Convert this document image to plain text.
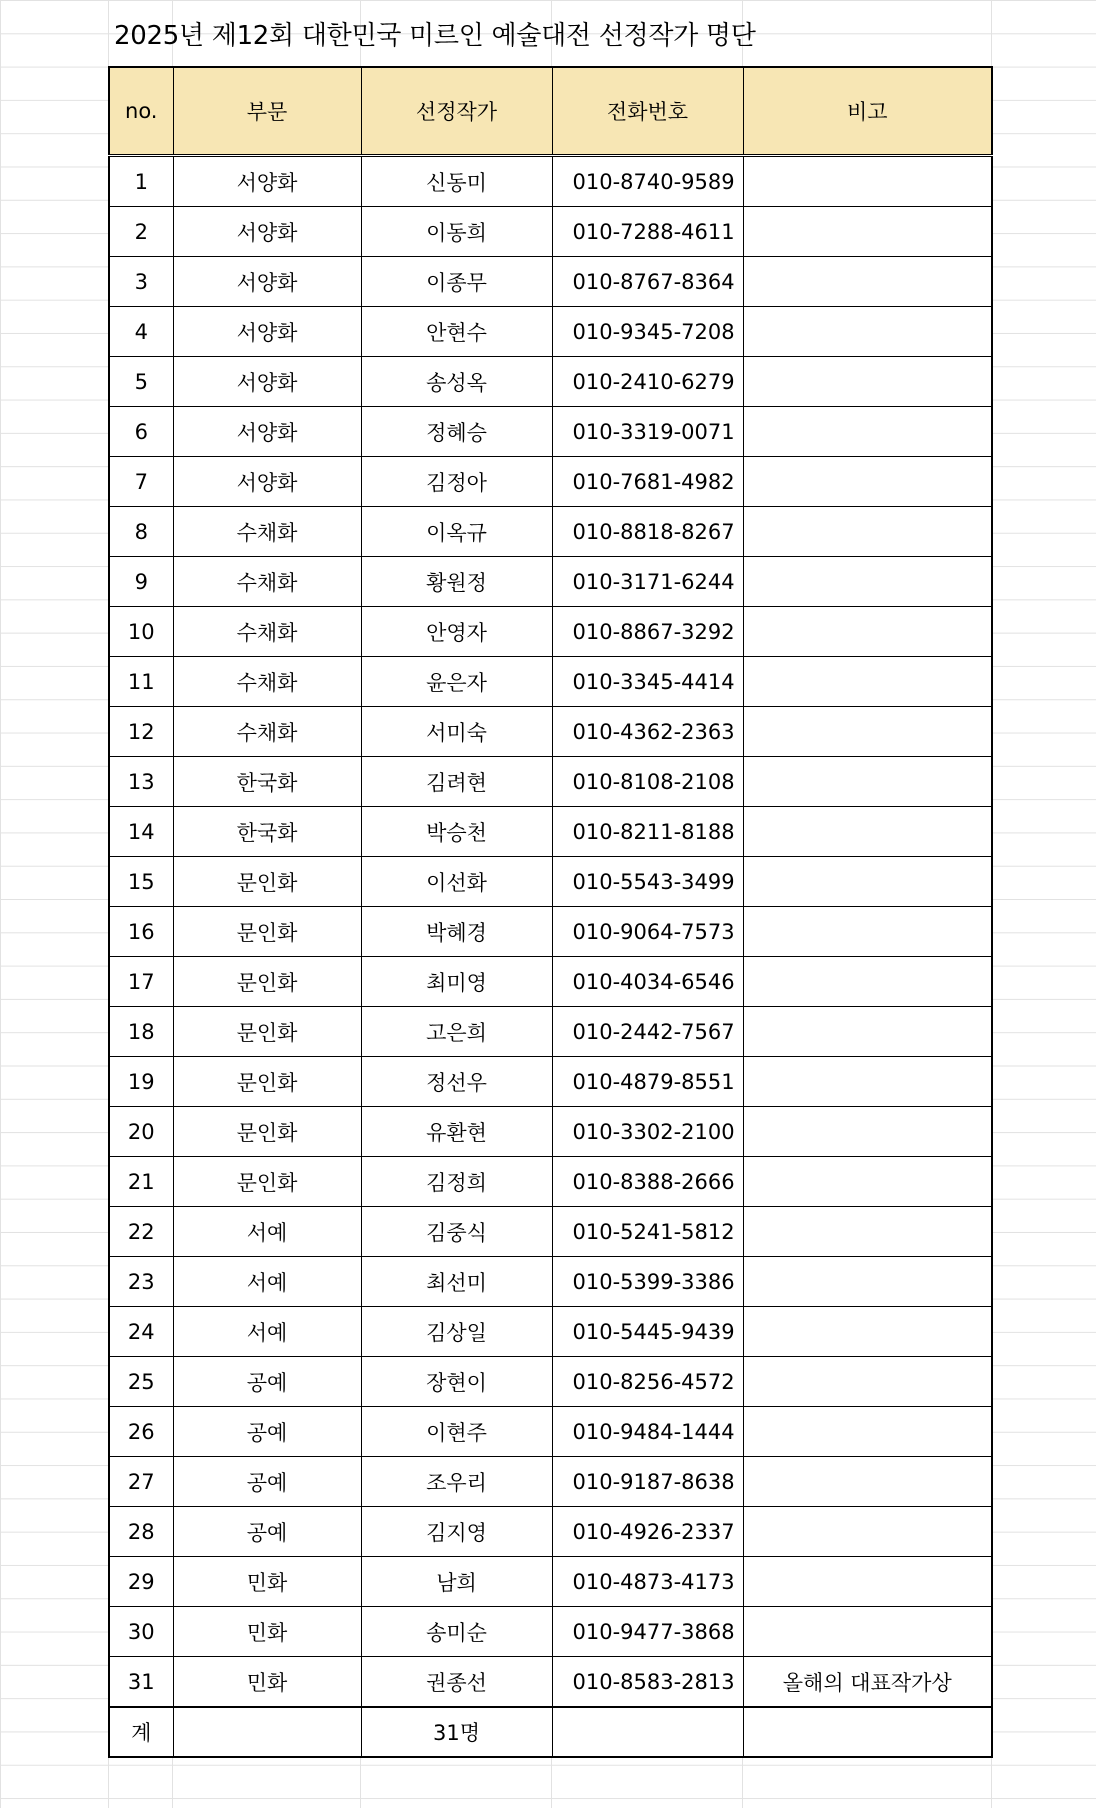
2025년 제12회 대한민국 미르인 예술대전 선정작가 명단
no.	부문	선정작가	전화번호	비고
1	서양화	신동미	010-8740-9589	
2	서양화	이동희	010-7288-4611	
3	서양화	이종무	010-8767-8364	
4	서양화	안현수	010-9345-7208	
5	서양화	송성옥	010-2410-6279	
6	서양화	정혜승	010-3319-0071	
7	서양화	김정아	010-7681-4982	
8	수채화	이옥규	010-8818-8267	
9	수채화	황원정	010-3171-6244	
10	수채화	안영자	010-8867-3292	
11	수채화	윤은자	010-3345-4414	
12	수채화	서미숙	010-4362-2363	
13	한국화	김려현	010-8108-2108	
14	한국화	박승천	010-8211-8188	
15	문인화	이선화	010-5543-3499	
16	문인화	박혜경	010-9064-7573	
17	문인화	최미영	010-4034-6546	
18	문인화	고은희	010-2442-7567	
19	문인화	정선우	010-4879-8551	
20	문인화	유환현	010-3302-2100	
21	문인화	김정희	010-8388-2666	
22	서예	김중식	010-5241-5812	
23	서예	최선미	010-5399-3386	
24	서예	김상일	010-5445-9439	
25	공예	장현이	010-8256-4572	
26	공예	이현주	010-9484-1444	
27	공예	조우리	010-9187-8638	
28	공예	김지영	010-4926-2337	
29	민화	남희	010-4873-4173	
30	민화	송미순	010-9477-3868	
31	민화	권종선	010-8583-2813	올해의 대표작가상
계		31명		
